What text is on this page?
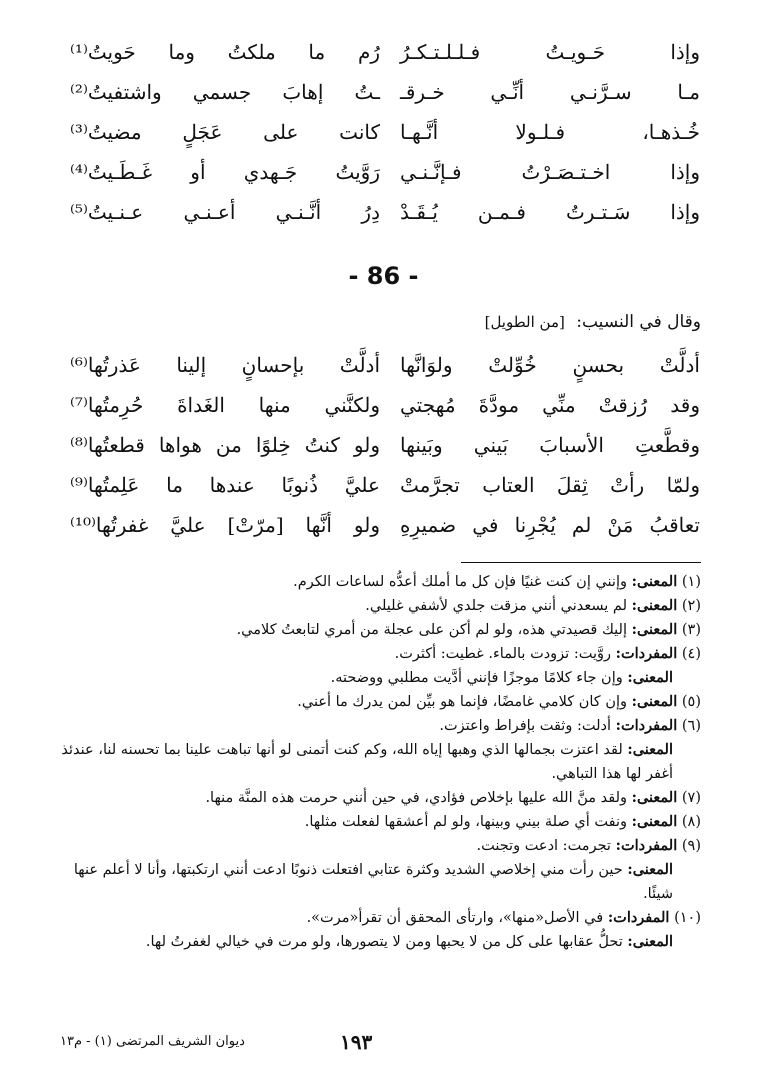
وإذا حَـويـتُ فـلـلـتـكـرُ
رُم ما ملكتُ وما حَويتُ⁽¹⁾
مـا سـرَّنـي أنِّـي خـرقـ
ـتُ إهابَ جسمي واشتفيتُ⁽²⁾
خُـذهـا، فـلـولا أنَّـهـا
كانت على عَجَلٍ مضيتُ⁽³⁾
وإذا اخـتـصَـرْتُ فـإنَّـنـي
رَوَّيتُ جَـهدي أو غَـطَـيتُ⁽⁴⁾
وإذا سَـتـرتُ فـمـن يُـقَـدْ
دِرُ أنَّـنـي أعـنـي عـنـيتُ⁽⁵⁾
- 86 -
وقال في النسيب: [من الطويل]
أدلَّتْ بحسنٍ خُوِّلتْ ولوَانَّها
أدلَّتْ بإحسانٍ إلينا عَذرتُها⁽⁶⁾
وقد رُزقتْ منِّي مودَّةَ مُهجتي
ولكنَّني منها الغَداةَ حُرِمتُها⁽⁷⁾
وقطَّعتِ الأسبابَ بَيني وبَينها
ولو كنتُ خِلوًا من هواها قطعتُها⁽⁸⁾
ولمّا رأتْ ثِقلَ العتاب تجرَّمتْ
عليَّ ذُنوبًا عندها ما عَلِمتُها⁽⁹⁾
تعاقبُ مَنْ لم يُجْرِنا في ضميرِهِ
ولو أنَّها [مرّتْ] عليَّ غفرتُها⁽¹⁰⁾
(١) المعنى: وإنني إن كنت غنيًا فإن كل ما أملك أعدُّه لساعات الكرم.
(٢) المعنى: لم يسعدني أنني مزقت جلدي لأشفي غليلي.
(٣) المعنى: إليك قصيدتي هذه، ولو لم أكن على عجلة من أمري لتابعتُ كلامي.
(٤) المفردات: روَّيت: تزودت بالماء. غطيت: أكثرت.
المعنى: وإن جاء كلامًا موجزًا فإنني أدَّيت مطلبي ووضحته.
(٥) المعنى: وإن كان كلامي غامضًا، فإنما هو بيِّن لمن يدرك ما أعني.
(٦) المفردات: أدلت: وثقت بإفراط واعتزت.
المعنى: لقد اعتزت بجمالها الذي وهبها إياه الله، وكم كنت أتمنى لو أنها تباهت علينا بما تحسنه لنا، عندئذ أغفر لها هذا التباهي.
(٧) المعنى: ولقد منَّ الله عليها بإخلاص فؤادي، في حين أنني حرمت هذه المنَّة منها.
(٨) المعنى: ونفت أي صلة بيني وبينها، ولو لم أعشقها لفعلت مثلها.
(٩) المفردات: تجرمت: ادعت وتجنت.
المعنى: حين رأت مني إخلاصي الشديد وكثرة عتابي افتعلت ذنوبًا ادعت أنني ارتكبتها، وأنا لا أعلم عنها شيئًا.
(١٠) المفردات: في الأصل«منها»، وارتأى المحقق أن تقرأ«مرت».
المعنى: تحلُّ عقابها على كل من لا يحبها ومن لا يتصورها، ولو مرت في خيالي لغفرتُ لها.
١٩٣
ديوان الشريف المرتضى (١) - م١٣
